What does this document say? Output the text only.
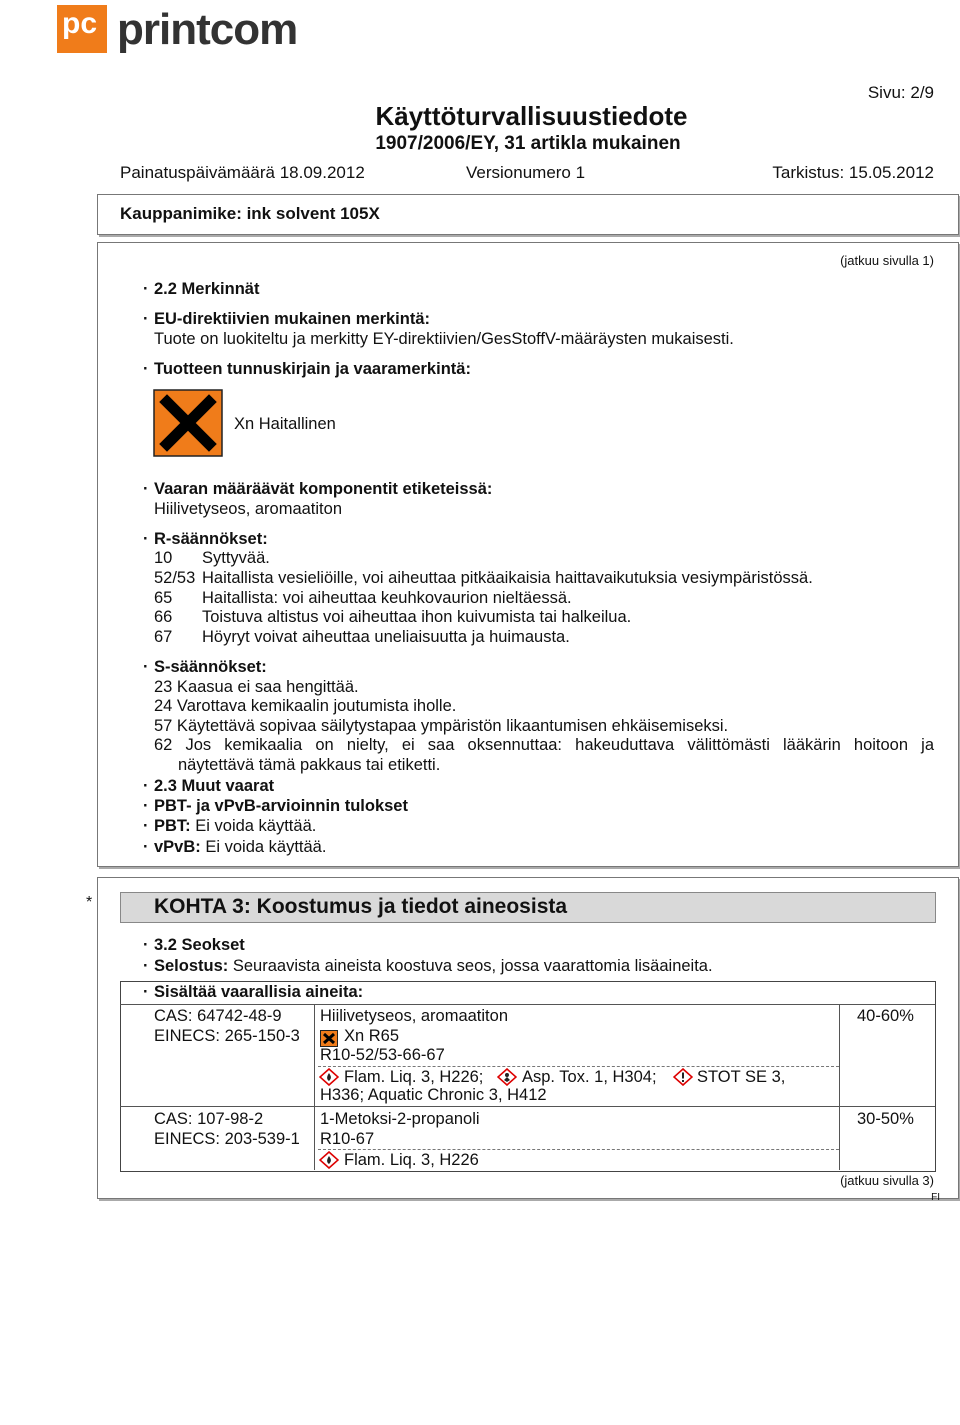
pc printcom
Sivu: 2/9
Käyttöturvallisuustiedote
1907/2006/EY, 31 artikla mukainen
Painatuspäivämäärä 18.09.2012	Versionumero 1	Tarkistus: 15.05.2012
Kauppanimike: ink solvent 105X
(jatkuu sivulla 1)
· 2.2 Merkinnät
· EU-direktiivien mukainen merkintä:
Tuote on luokiteltu ja merkitty EY-direktiivien/GesStoffV-määräysten mukaisesti.
· Tuotteen tunnuskirjain ja vaaramerkintä:
Xn Haitallinen
· Vaaran määräävät komponentit etiketeissä:
Hiilivetyseos, aromaatiton
· R-säännökset:
10 Syttyvää.
52/53 Haitallista vesieliöille, voi aiheuttaa pitkäaikaisia haittavaikutuksia vesiympäristössä.
65 Haitallista: voi aiheuttaa keuhkovaurion nieltäessä.
66 Toistuva altistus voi aiheuttaa ihon kuivumista tai halkeilua.
67 Höyryt voivat aiheuttaa uneliaisuutta ja huimausta.
· S-säännökset:
23 Kaasua ei saa hengittää.
24 Varottava kemikaalin joutumista iholle.
57 Käytettävä sopivaa säilytystapaa ympäristön likaantumisen ehkäisemiseksi.
62 Jos kemikaalia on nielty, ei saa oksennuttaa: hakeuduttava välittömästi lääkärin hoitoon ja
näytettävä tämä pakkaus tai etiketti.
· 2.3 Muut vaarat
· PBT- ja vPvB-arvioinnin tulokset
· PBT: Ei voida käyttää.
· vPvB: Ei voida käyttää.
*	KOHTA 3: Koostumus ja tiedot aineosista
· 3.2 Seokset
· Selostus: Seuraavista aineista koostuva seos, jossa vaarattomia lisäaineita.
· Sisältää vaarallisia aineita:
CAS: 64742-48-9
EINECS: 265-150-3
Hiilivetyseos, aromaatiton
Xn R65
R10-52/53-66-67
Flam. Liq. 3, H226; Asp. Tox. 1, H304; STOT SE 3,
H336; Aquatic Chronic 3, H412
40-60%
CAS: 107-98-2
EINECS: 203-539-1
1-Metoksi-2-propanoli
R10-67
Flam. Liq. 3, H226
30-50%
(jatkuu sivulla 3)
FI
